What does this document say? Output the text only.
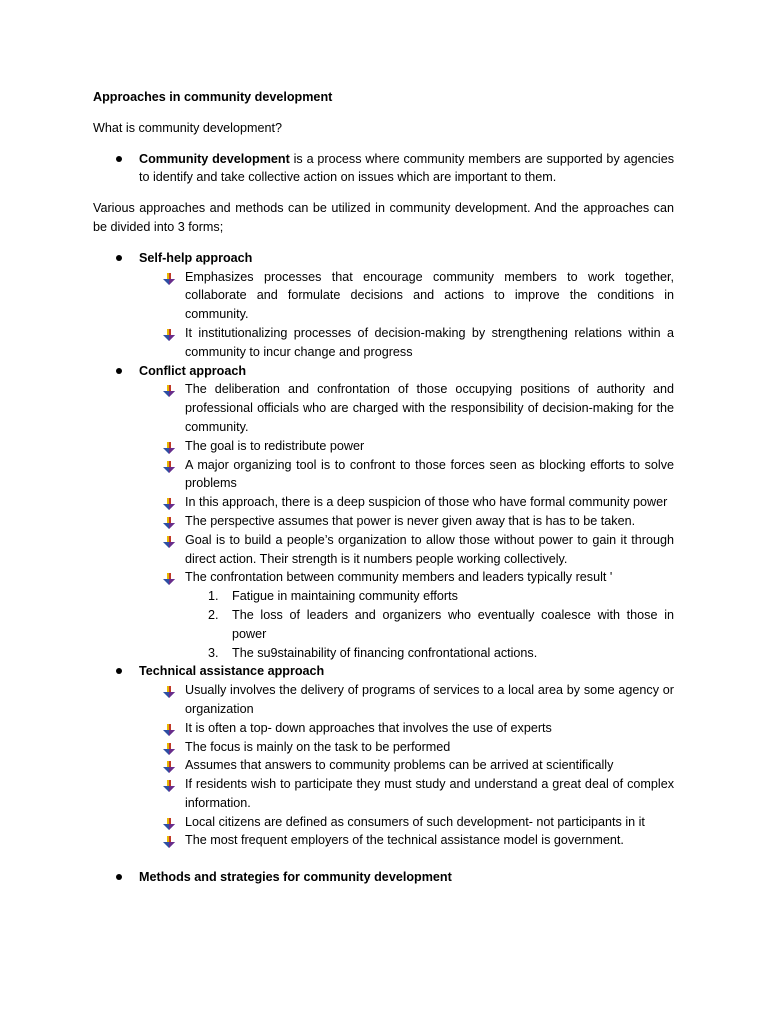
Approaches in community development
What is community development?
Community development is a process where community members are supported by agencies to identify and take collective action on issues which are important to them.
Various approaches and methods can be utilized in community development. And the approaches can be divided into 3 forms;
Self-help approach
Emphasizes processes that encourage community members to work together, collaborate and formulate decisions and actions to improve the conditions in community.
It institutionalizing processes of decision-making by strengthening relations within a community to incur change and progress
Conflict approach
The deliberation and confrontation of those occupying positions of authority and professional officials who are charged with the responsibility of decision-making for the community.
The goal is to redistribute power
A major organizing tool is to confront to those forces seen as blocking efforts to solve problems
In this approach, there is a deep suspicion of those who have formal community power
The perspective assumes that power is never given away that is has to be taken.
Goal is to build a people’s organization to allow those without power to gain it through direct action. Their strength is it numbers people working collectively.
The confrontation between community members and leaders typically result '
1. Fatigue in maintaining community efforts
2. The loss of leaders and organizers who eventually coalesce with those in power
3. The su9stainability of financing confrontational actions.
Technical assistance approach
Usually involves the delivery of programs of services to a local area by some agency or organization
It is often a top- down approaches that involves the use of experts
The focus is mainly on the task to be performed
Assumes that answers to community problems can be arrived at scientifically
If residents wish to participate they must study and understand a great deal of complex information.
Local citizens are defined as consumers of such development- not participants in it
The most frequent employers of the technical assistance model is government.
Methods and strategies for community development
